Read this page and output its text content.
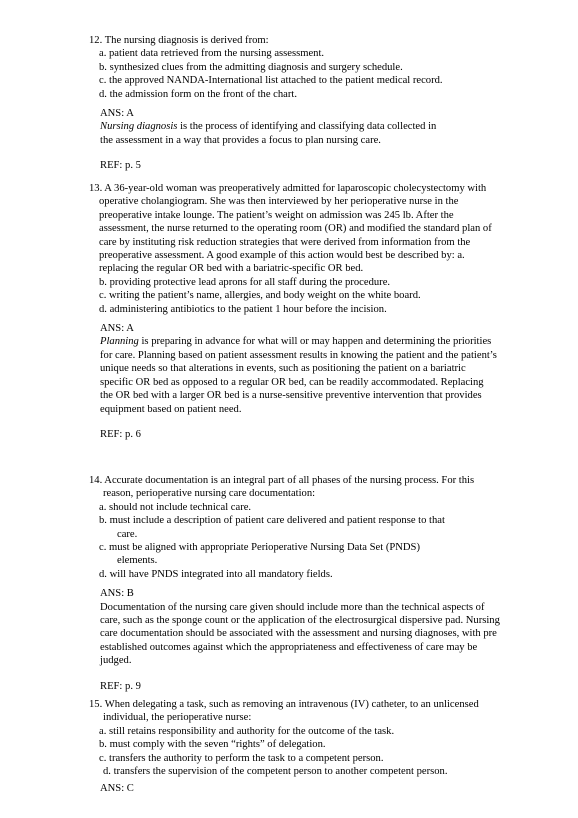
12. The nursing diagnosis is derived from:
a. patient data retrieved from the nursing assessment.
b. synthesized clues from the admitting diagnosis and surgery schedule.
c. the approved NANDA-International list attached to the patient medical record.
d. the admission form on the front of the chart.
ANS: A
Nursing diagnosis is the process of identifying and classifying data collected in
the assessment in a way that provides a focus to plan nursing care.
REF: p. 5
13. A 36-year-old woman was preoperatively admitted for laparoscopic cholecystectomy with
operative cholangiogram. She was then interviewed by her perioperative nurse in the
preoperative intake lounge. The patient’s weight on admission was 245 lb. After the
assessment, the nurse returned to the operating room (OR) and modified the standard plan of
care by instituting risk reduction strategies that were derived from information from the
preoperative assessment. A good example of this action would best be described by: a.
replacing the regular OR bed with a bariatric-specific OR bed.
b. providing protective lead aprons for all staff during the procedure.
c. writing the patient’s name, allergies, and body weight on the white board.
d. administering antibiotics to the patient 1 hour before the incision.
ANS: A
Planning is preparing in advance for what will or may happen and determining the priorities
for care. Planning based on patient assessment results in knowing the patient and the patient’s
unique needs so that alterations in events, such as positioning the patient on a bariatric
specific OR bed as opposed to a regular OR bed, can be readily accommodated. Replacing
the OR bed with a larger OR bed is a nurse-sensitive preventive intervention that provides
equipment based on patient need.
REF: p. 6
14. Accurate documentation is an integral part of all phases of the nursing process. For this
reason, perioperative nursing care documentation:
a. should not include technical care.
b. must include a description of patient care delivered and patient response to that
care.
c. must be aligned with appropriate Perioperative Nursing Data Set (PNDS)
elements.
d. will have PNDS integrated into all mandatory fields.
ANS: B
Documentation of the nursing care given should include more than the technical aspects of
care, such as the sponge count or the application of the electrosurgical dispersive pad. Nursing
care documentation should be associated with the assessment and nursing diagnoses, with pre
established outcomes against which the appropriateness and effectiveness of care may be
judged.
REF: p. 9
15. When delegating a task, such as removing an intravenous (IV) catheter, to an unlicensed
individual, the perioperative nurse:
a. still retains responsibility and authority for the outcome of the task.
b. must comply with the seven “rights” of delegation.
c. transfers the authority to perform the task to a competent person.
d. transfers the supervision of the competent person to another competent person.
ANS: C
